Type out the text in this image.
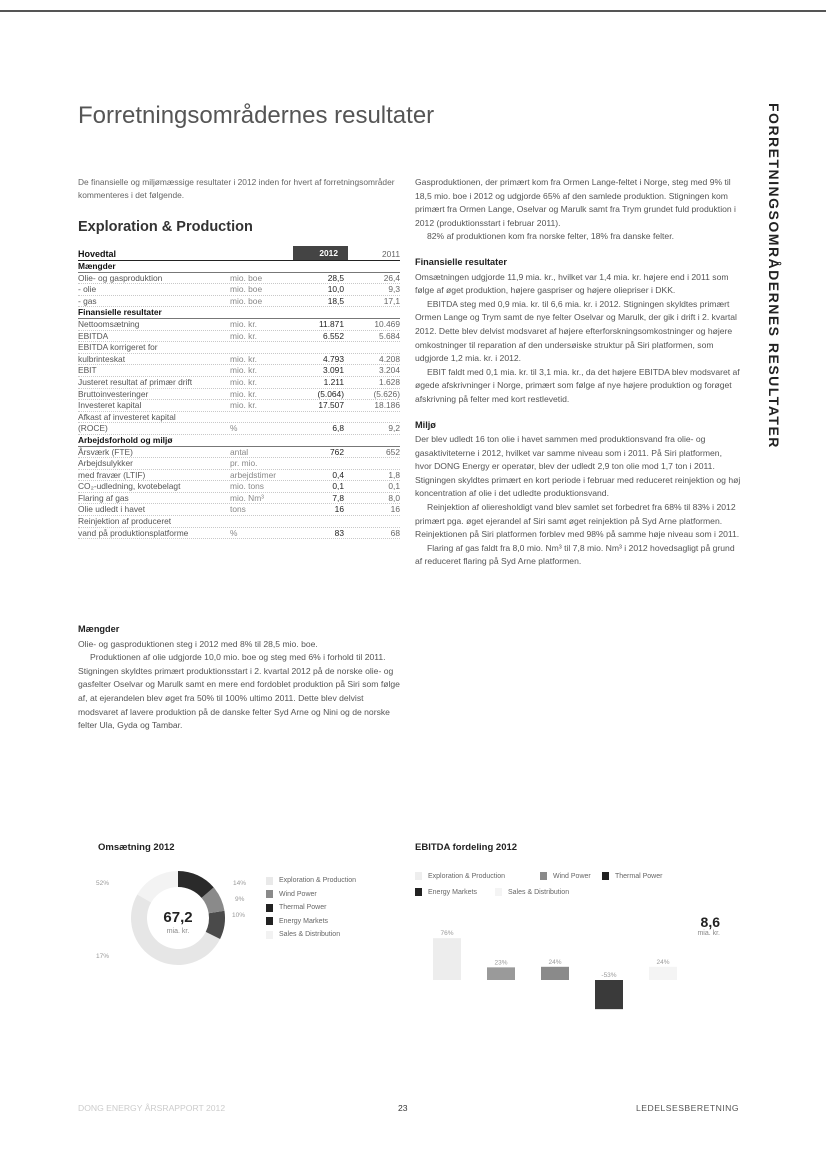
FORRETNINGSOMRÅDERNES RESULTATER
Forretningsområdernes resultater

De finansielle og miljømæssige resultater i 2012 inden for hvert af forretningsområder kommenteres i det følgende.

Exploration & Production
Hovedtal	2012	2011
Mængder
Olie- og gasproduktion	mio. boe	28,5	26,4
- olie	mio. boe	10,0	9,3
- gas	mio. boe	18,5	17,1
Finansielle resultater
Nettoomsætning	mio. kr.	11.871	10.469
EBITDA	mio. kr.	6.552	5.684
EBITDA korrigeret for
kulbrinteskat	mio. kr.	4.793	4.208
EBIT	mio. kr.	3.091	3.204
Justeret resultat af primær drift	mio. kr.	1.211	1.628
Bruttoinvesteringer	mio. kr.	(5.064)	(5.626)
Investeret kapital	mio. kr.	17.507	18.186
Afkast af investeret kapital
(ROCE)	%	6,8	9,2
Arbejdsforhold og miljø
Årsværk (FTE)	antal	762	652
Arbejdsulykker	pr. mio.
med fravær (LTIF)	arbejdstimer	0,4	1,8
CO₂-udledning, kvotebelagt	mio. tons	0,1	0,1
Flaring af gas	mio. Nm³	7,8	8,0
Olie udledt i havet	tons	16	16
Reinjektion af produceret
vand på produktionsplatforme	%	83	68
Mængder

Olie- og gasproduktionen steg i 2012 med 8% til 28,5 mio. boe.

Produktionen af olie udgjorde 10,0 mio. boe og steg med 6% i forhold til 2011. Stigningen skyldtes primært produktionsstart i 2. kvartal 2012 på de norske olie- og gasfelter Oselvar og Marulk samt en mere end fordoblet produktion på Siri som følge af, at ejerandelen blev øget fra 50% til 100% ultimo 2011. Dette blev delvist modsvaret af lavere produktion på de danske felter Syd Arne og Nini og de norske felter Ula, Gyda og Tambar.

Gasproduktionen, der primært kom fra Ormen Lange-feltet i Norge, steg med 9% til 18,5 mio. boe i 2012 og udgjorde 65% af den samlede produktion. Stigningen kom primært fra Ormen Lange, Oselvar og Marulk samt fra Trym grundet fuld produktion i 2012 (produktionsstart i februar 2011).

82% af produktionen kom fra norske felter, 18% fra danske felter.

Finansielle resultater

Omsætningen udgjorde 11,9 mia. kr., hvilket var 1,4 mia. kr. højere end i 2011 som følge af øget produktion, højere gaspriser og højere oliepriser i DKK.

EBITDA steg med 0,9 mia. kr. til 6,6 mia. kr. i 2012. Stigningen skyldtes primært Ormen Lange og Trym samt de nye felter Oselvar og Marulk, der gik i drift i 2. kvartal 2012. Dette blev delvist modsvaret af højere efterforskningsomkostninger og højere omkostninger til reparation af den undersøiske struktur på Siri platformen, som udgjorde 1,2 mia. kr. i 2012.

EBIT faldt med 0,1 mia. kr. til 3,1 mia. kr., da det højere EBITDA blev modsvaret af øgede afskrivninger i Norge, primært som følge af nye højere produktion og forøget afskrivning på felter med kort restlevetid.

Miljø

Der blev udledt 16 ton olie i havet sammen med produktionsvand fra olie- og gasaktiviteterne i 2012, hvilket var samme niveau som i 2011. På Siri platformen, hvor DONG Energy er operatør, blev der udledt 2,9 ton olie mod 1,7 ton i 2011. Stigningen skyldtes primært en kort periode i februar med reduceret reinjektion og høj koncentration af olie i det udledte produktionsvand.

Reinjektion af olieresholdigt vand blev samlet set forbedret fra 68% til 83% i 2012 primært pga. øget ejerandel af Siri samt øget reinjektion på Syd Arne platformen. Reinjektionen på Siri platformen forblev med 98% på samme høje niveau som i 2011.

Flaring af gas faldt fra 8,0 mio. Nm³ til 7,8 mio. Nm³ i 2012 hovedsagligt på grund af reduceret flaring på Syd Arne platformen.

Omsætning 2012
67,2
mia. kr.
52%
17%
14%
9%
10%
Exploration & Production
Wind Power
Thermal Power
Energy Markets
Sales & Distribution
EBITDA fordeling 2012
Exploration & Production	Wind Power	Thermal Power
Energy Markets	Sales & Distribution
8,6
mia. kr.
76%
23%	24%
-53%
24%
DONG ENERGY ÅRSRAPPORT 2012	23	LEDELSESBERETNING
